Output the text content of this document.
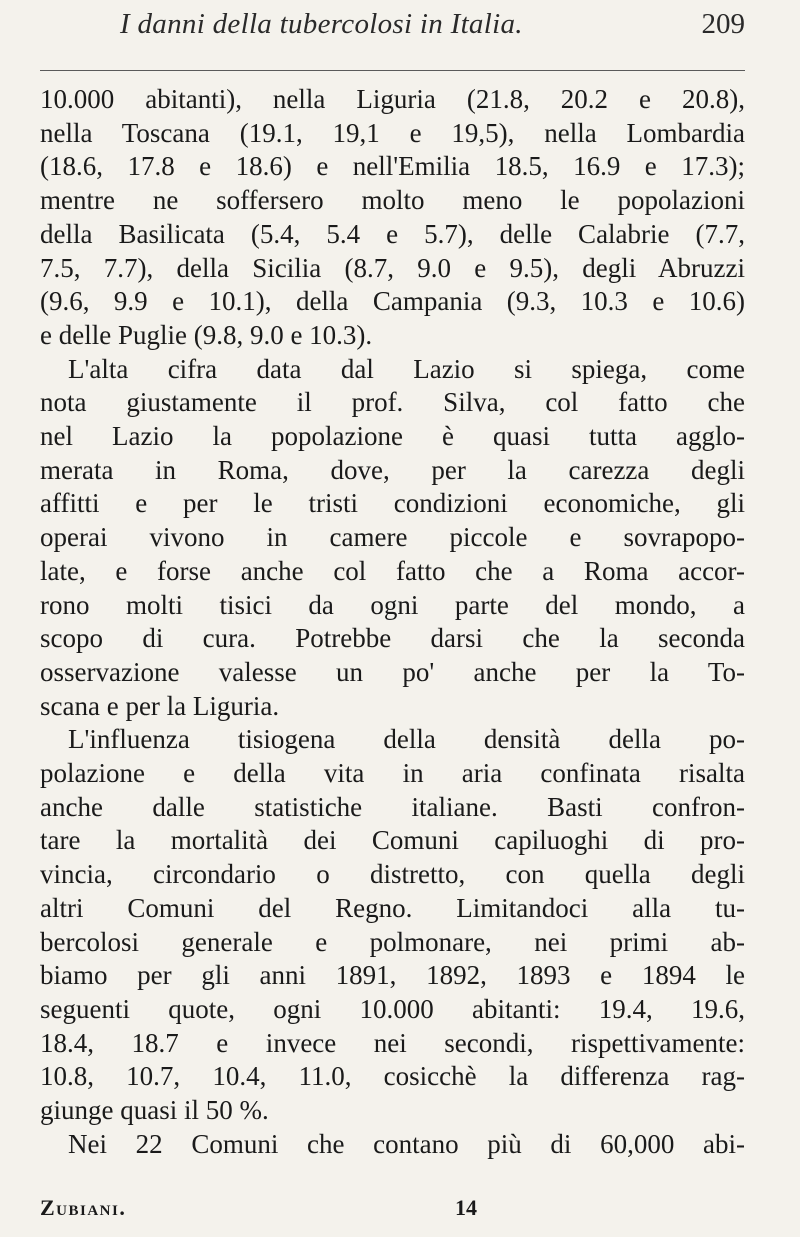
I danni della tubercolosi in Italia.	209
10.000 abitanti), nella Liguria (21.8, 20.2 e 20.8),
nella Toscana (19.1, 19,1 e 19,5), nella Lombardia
(18.6, 17.8 e 18.6) e nell'Emilia 18.5, 16.9 e 17.3);
mentre ne soffersero molto meno le popolazioni
della Basilicata (5.4, 5.4 e 5.7), delle Calabrie (7.7,
7.5, 7.7), della Sicilia (8.7, 9.0 e 9.5), degli Abruzzi
(9.6, 9.9 e 10.1), della Campania (9.3, 10.3 e 10.6)
e delle Puglie (9.8, 9.0 e 10.3).
L'alta cifra data dal Lazio si spiega, come
nota giustamente il prof. Silva, col fatto che
nel Lazio la popolazione è quasi tutta agglo-
merata in Roma, dove, per la carezza degli
affitti e per le tristi condizioni economiche, gli
operai vivono in camere piccole e sovrapopo-
late, e forse anche col fatto che a Roma accor-
rono molti tisici da ogni parte del mondo, a
scopo di cura. Potrebbe darsi che la seconda
osservazione valesse un po' anche per la To-
scana e per la Liguria.
L'influenza tisiogena della densità della po-
polazione e della vita in aria confinata risalta
anche dalle statistiche italiane. Basti confron-
tare la mortalità dei Comuni capiluoghi di pro-
vincia, circondario o distretto, con quella degli
altri Comuni del Regno. Limitandoci alla tu-
bercolosi generale e polmonare, nei primi ab-
biamo per gli anni 1891, 1892, 1893 e 1894 le
seguenti quote, ogni 10.000 abitanti: 19.4, 19.6,
18.4, 18.7 e invece nei secondi, rispettivamente:
10.8, 10.7, 10.4, 11.0, cosicchè la differenza rag-
giunge quasi il 50 %.
Nei 22 Comuni che contano più di 60,000 abi-
Zubiani.	14
